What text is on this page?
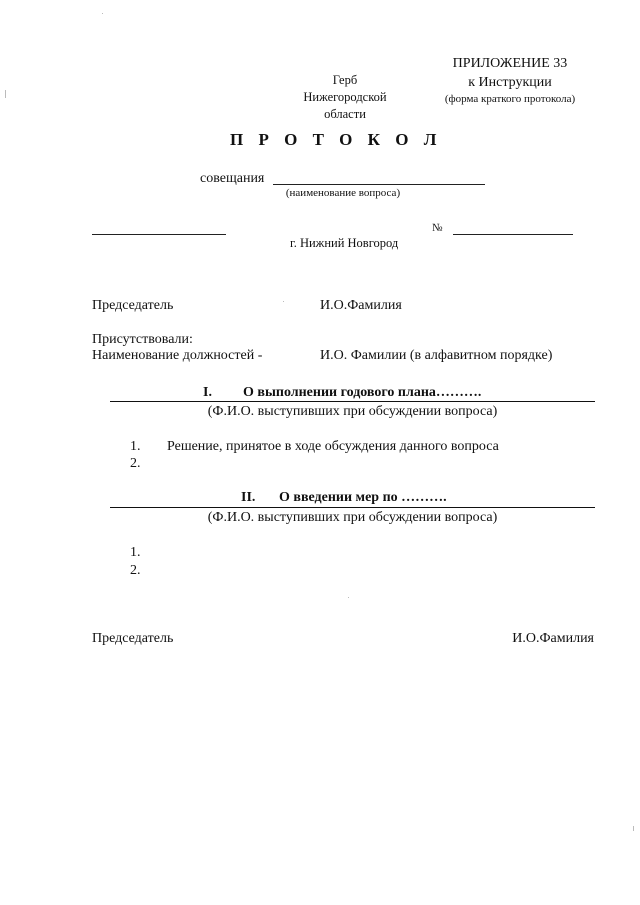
ПРИЛОЖЕНИЕ 33
к Инструкции
(форма краткого протокола)
Герб
Нижегородской
области
П Р О Т О К О Л
совещания
(наименование вопроса)
№
г. Нижний Новгород
Председатель	И.О.Фамилия
Присутствовали:
Наименование должностей -	И.О. Фамилии (в алфавитном порядке)
I. О выполнении годового плана……….
(Ф.И.О. выступивших при обсуждении вопроса)
1. Решение, принятое в ходе обсуждения данного вопроса
2.
II. О введении мер по ……….
(Ф.И.О. выступивших при обсуждении вопроса)
1.
2.
Председатель	И.О.Фамилия
